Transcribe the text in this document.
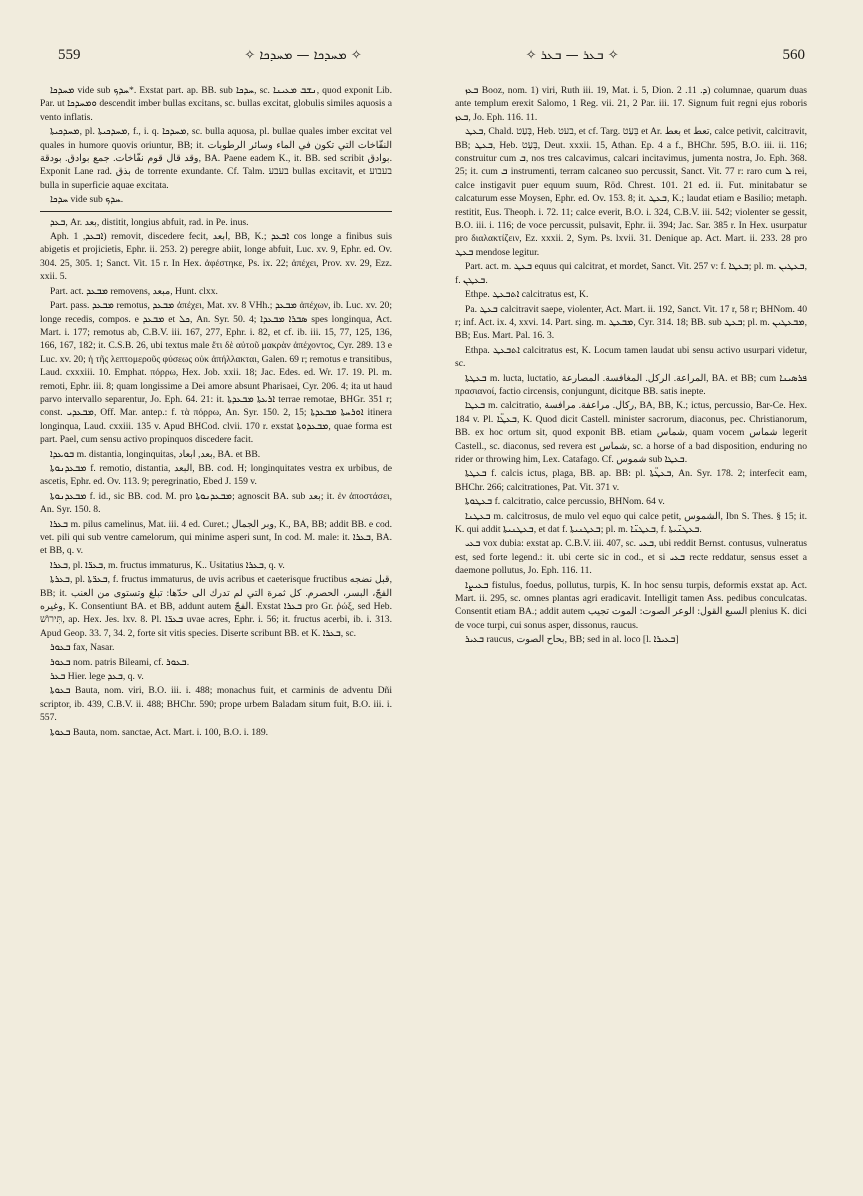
559	✧ ܡܚܕܟܐ — ܡܚܕܟܐ ✧	✧ ܒܥܪ — ܒܥܪ ✧	560

ܡܚܕܟܐ vide sub ܚܕܟ*. Exstat part. ap. BB. sub ܚܕܟܐ, sc. ܢܫܒ ܡܥܝܢܐ, quod exponit Lib. Par. ut ܘܡܚܕܟܐ descendit imber bullas excitans, sc. bullas excitat, globulis similes aquosis a vento inflatis.

ܡܚܕܟܝܬܐ, pl. ܡܚܕܟܝܬܐ, f., i. q. ܡܚܕܟܐ, sc. bulla aquosa, pl. bullae quales imber excitat vel quales in humore quovis oriuntur, BB; it. النفّاخات التي تكون في الماء وسائر الرطوبات وقد قال قوم نفّاخات. جمع بوادق. بودقة, BA. Paene eadem K., it. BB. sed scribit بوادق. Exponit Lane rad. بذق de torrente exundante. Cf. Talm. בעבע bullas excitavit, et בעבוע bulla in superficie aquae excitata.

ܚܕܟܐ vide sub ܚܕܟ.

ܒܥܕ, Ar. بعد, distitit, longius abfuit, rad. in Pe. inus.

Aph. ܐܒܥܕ, 1) removit, discedere fecit, ابعد, BB, K.; ܐܒܥܕ cos longe a finibus suis abigetis et projicietis, Ephr. ii. 253. 2) peregre abiit, longe abfuit, Luc. xv. 9, Ephr. ed. Ov. 304. 25, 305. 1; Sanct. Vit. 15 r. In Hex. ἀφέστηκε, Ps. ix. 22; ἀπέχει, Prov. xv. 29, Ezz. xxii. 5.

Part. act. ܡܒܥܕ removens, مبعد, Hunt. clxx.

Part. pass. ܡܒܥܕ remotus, ܡܒܥܕ ἀπέχει, Mat. xv. 8 VHh.; ܡܒܥܕ ἀπέχων, ib. Luc. xv. 20; longe recedis, compos. e ܡܒܥܕ et ܟܠ, An. Syr. 50. 4; ܣܒܪܐ ܡܒܥܕܐ spes longinqua, Act. Mart. i. 177; remotus ab, C.B.V. iii. 167, 277, Ephr. i. 82, et cf. ib. iii. 15, 77, 125, 136, 166, 167, 182; it. C.S.B. 26, ubi textus male ἔτι δὲ αὐτοῦ μακρὰν ἀπέχοντος, Cyr. 289. 13 e Luc. xv. 20; ἡ τῆς λεπτομεροῦς φύσεως οὐκ ἀπήλλακται, Galen. 69 r; remotus e transitibus, Laud. cxxxiii. 10. Emphat. πόρρω, Hex. Job. xxii. 18; Jac. Edes. ed. Wr. 17. 19. Pl. m. remoti, Ephr. iii. 8; quam longissime a Dei amore absunt Pharisaei, Cyr. 206. 4; ita ut haud parvo intervallo separentur, Jo. Eph. 64. 21: it. ܐܪܥܬܐ ܡܒܥܕܬܐ terrae remotae, BHGr. 351 r; const. ܡܒܥܕܝ, Off. Mar. antep.: f. τὰ πόρρω, An. Syr. 150. 2, 15; ܐܘܪܚܬܐ ܡܒܥܕܬܐ itinera longinqua, Laud. cxxiii. 135 v. Apud BHCod. clvii. 170 r. exstat ܡܒܥܕܘܬܐ, quae forma est part. Pael, cum sensu activo propinquos discedere facit.

ܒܘܥܕܐ m. distantia, longinquitas, بعد, ابعاد, BA. et BB.

ܡܒܥܕܢܘܬܐ f. remotio, distantia, البعد, BB. cod. H; longinquitates vestra ex urbibus, de ascetis, Ephr. ed. Ov. 113. 9; peregrinatio, Ebed J. 159 v.

ܡܒܥܕܢܘܬܐ f. id., sic BB. cod. M. pro ܡܒܥܕܢܘܬܐ; agnoscit BA. sub بعد; it. ἐν ἀποστάσει, An. Syr. 150. 8.

ܒܥܪܐ m. pilus camelinus, Mat. iii. 4 ed. Curet.; وبر الجمال, K., BA, BB; addit BB. e cod. vet. pili qui sub ventre camelorum, qui minime asperi sunt, In cod. M. male: it. ܒܥܪܐ, BA. et BB, q. v.

ܒܥܪܐ, pl. ܒܥܪ̈ܐ, m. fructus immaturus, K.. Usitatius ܒܥܪܐ, q. v.

ܒܥܪܬܐ, pl. ܒܥܪ̈ܬܐ, f. fructus immaturus, de uvis acribus et caeterisque fructibus قبل نضجه, BB; it. الفجّ، البسر، الحصرم. كل ثمرة التي لم تدرك الى حدّها: تبلغ وتستوى من العنب وغيره, K. Consentiunt BA. et BB, addunt autem الفجّ. Exstat ܒܥܪܐ pro Gr. ῥώξ, sed Heb. תִּירוֹשׁ, ap. Hex. Jes. lxv. 8. Pl. ܒܥܪ̈ܐ uvae acres, Ephr. i. 56; it. fructus acerbi, ib. i. 313. Apud Geop. 33. 7, 34. 2, forte sit vitis species. Diserte scribunt BB. et K. ܒܥܪܐ, sc.

ܒܥܘܪ fax, Nasar.

ܒܥܘܪ nom. patris Bileami, cf. ܒܥܘܪ.

ܒܥܪ Hier. lege ܒܥܕ, q. v.

ܒܥܘܬܐ Bauta, nom. viri, B.O. iii. i. 488; monachus fuit, et carminis de adventu Dñi scriptor, ib. 439, C.B.V. ii. 488; BHChr. 590; prope urbem Baladam situm fuit, B.O. iii. i. 557.

ܒܥܘܬܐ Bauta, nom. sanctae, Act. Mart. i. 100, B.O. i. 189.

ܒܥܙ Booz, nom. 1) viri, Ruth iii. 19, Mat. i. 5, Dion. ܕ. 11. 2) columnae, quarum duas ante templum erexit Salomo, 1 Reg. vii. 21, 2 Par. iii. 17. Signum fuit regni ejus roboris ܒܥܙ, Jo. Eph. 116. 11.

ܒܥܛ, Chald. בְּעַט, Heb. בעט, et cf. Targ. בְּעַט et Ar. بعط et تعط, calce petivit, calcitravit, BB; ܒܥܛ, Heb. בְּעַט, Deut. xxxii. 15, Athan. Ep. 4 a f., BHChr. 595, B.O. iii. ii. 116; construitur cum ܒ, nos tres calcavimus, calcari incitavimus, jumenta nostra, Jo. Eph. 368. 25; it. cum ܒ instrumenti, terram calcaneo suo percussit, Sanct. Vit. 77 r: raro cum ܠ rei, calce instigavit puer equum suum, Röd. Chrest. 101. 21 ed. ii. Fut. minitabatur se calcaturum esse Moysen, Ephr. ed. Ov. 153. 8; it. ܒܥܛ, K.; laudat etiam e Basilio; metaph. restitit, Eus. Theoph. i. 72. 11; calce everit, B.O. i. 324, C.B.V. iii. 542; violenter se gessit, B.O. iii. i. 116; de voce percussit, pulsavit, Ephr. ii. 394; Jac. Sar. 385 r. In Hex. usurpatur pro διαλακτίζειν, Ez. xxxii. 2, Sym. Ps. lxvii. 31. Denique ap. Act. Mart. ii. 233. 28 pro ܒܥܛ mendose legitur.

Part. act. m. ܒܥܛ equus qui calcitrat, et mordet, Sanct. Vit. 257 v: f. ܒܥܛܐ; pl. m. ܒܥܛܝܢ, f. ܒܥܛܢ.

Ethpe. ܐܬܒܥܛ calcitratus est, K.

Pa. ܒܥܛ calcitravit saepe, violenter, Act. Mart. ii. 192, Sanct. Vit. 17 r, 58 r; BHNom. 40 r; inf. Act. ix. 4, xxvi. 14. Part. sing. m. ܡܒܥܛ, Cyr. 314. 18; BB. sub ܒܥܛ; pl. m. ܡܒܥܛܝܢ, BB; Eus. Mart. Pal. 16. 3.

Ethpa. ܐܬܒܥܛ calcitratus est, K. Locum tamen laudat ubi sensu activo usurpari videtur, sc.

ܒܥܛܬܐ m. lucta, luctatio, المراعة. الركل. المغافسة. المصارعة, BA. et BB; cum ܦܪܣܝܢܐ πρασιανοί, factio circensis, conjungunt, dicitque BB. satis inepte.

ܒܥܛܐ m. calcitratio, ركال. مراعفة. مرافسة, BA, BB, K.; ictus, percussio, Bar-Ce. Hex. 184 v. Pl. ܒܥܛ̈ܐ, K. Quod dicit Castell. minister sacrorum, diaconus, pec. Christianorum, BB. ex hoc ortum sit, quod exponit BB. etiam شماس, quam vocem شماس legerit Castell., sc. diaconus, sed revera est شماس, sc. a horse of a bad disposition, enduring no rider or throwing him, Lex. Catafago. Cf. شموس sub ܒܥܛܐ.

ܒܥܛܬܐ f. calcis ictus, plaga, BB. ap. BB: pl. ܒܥܛ̈ܬܐ, An. Syr. 178. 2; interfecit eam, BHChr. 266; calcitrationes, Pat. Vit. 371 v.

ܒܥܛܘܬܐ f. calcitratio, calce percussio, BHNom. 64 v.

ܒܥܛܢܐ m. calcitrosus, de mulo vel equo qui calce petit, الشموس, Ibn S. Thes. § 15; it. K. qui addit ܒܥܛܢܝܬܐ, et dat f. ܒܥܛܢܝܬܐ; pl. m. ܒܥܛܢ̈ܐ, f. ܒܥܛܢ̈ܝܬܐ.

ܒܥܝ vox dubia: exstat ap. C.B.V. iii. 407, sc. ܒܥܝ, ubi reddit Bernst. contusus, vulneratus est, sed forte legend.: it. ubi certe sic in cod., et si ܒܥܝ recte reddatur, sensus esset a daemone pollutus, Jo. Eph. 116. 11.

ܒܥܝܨܐ fistulus, foedus, pollutus, turpis, K. In hoc sensu turpis, deformis exstat ap. Act. Mart. ii. 295, sc. omnes plantas agri eradicavit. Intelligit tamen Ass. pedibus conculcatas. Consentit etiam BA.; addit autem السبع القول: الوعر الصوت: الموت تجيب plenius K. dici de voce turpi, cui sonus asper, dissonus, raucus.

ܒܥܝܪ raucus, بحاح الصوت, BB; sed in al. loco [l. ܒܥܝܪܐ]
